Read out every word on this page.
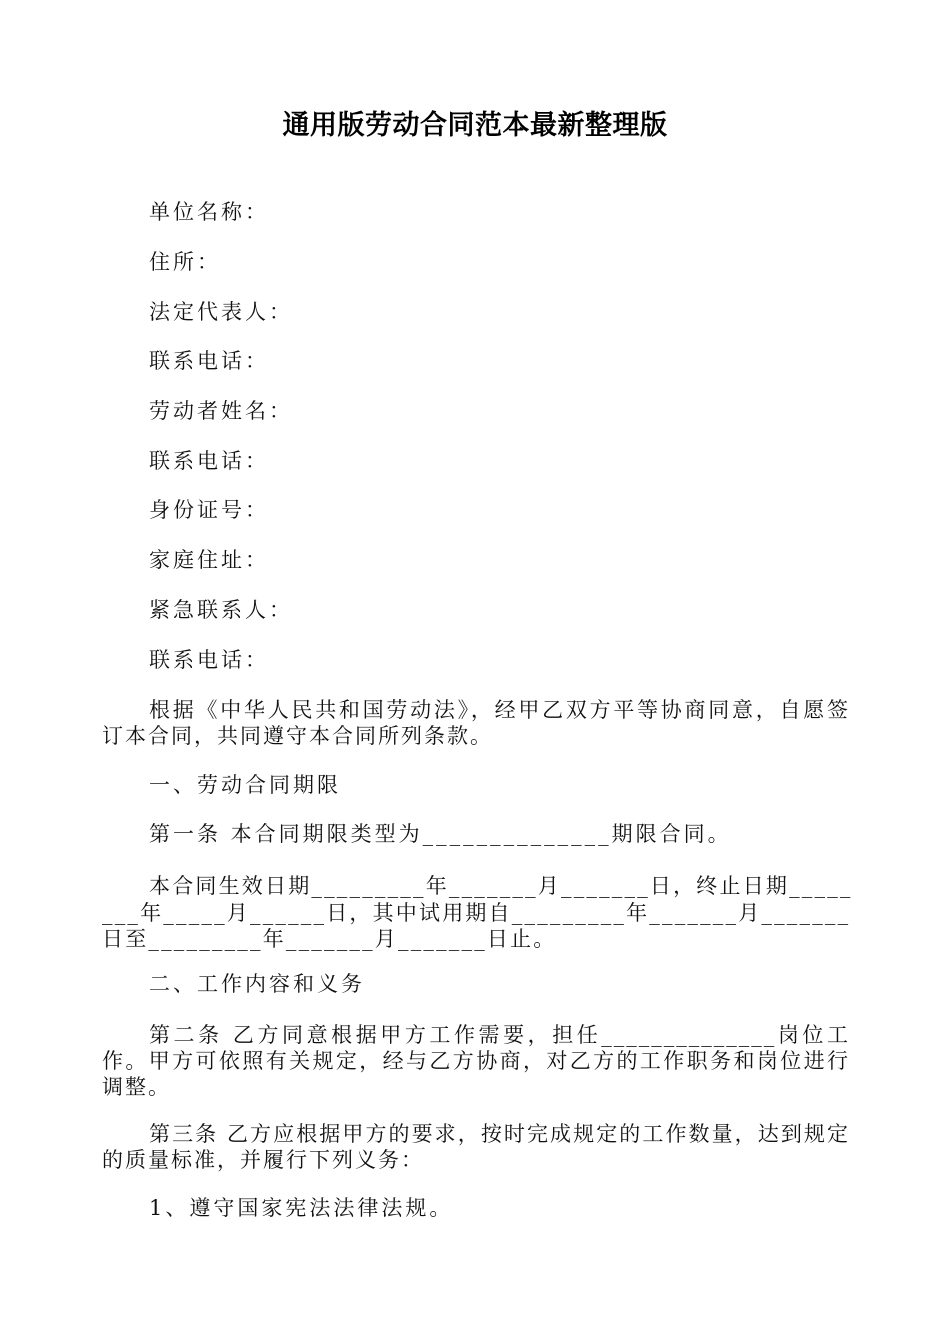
通用版劳动合同范本最新整理版
单位名称：
住所：
法定代表人：
联系电话：
劳动者姓名：
联系电话：
身份证号：
家庭住址：
紧急联系人：
联系电话：
根据《中华人民共和国劳动法》，经甲乙双方平等协商同意，自愿签订本合同，共同遵守本合同所列条款。
一、劳动合同期限
第一条 本合同期限类型为______________期限合同。
本合同生效日期_________年_______月_______日，终止日期_____
___年_____月______日，其中试用期自_________年_______月_______
日至_________年_______月_______日止。
二、工作内容和义务
第二条 乙方同意根据甲方工作需要，担任______________岗位工作。甲方可依照有关规定，经与乙方协商，对乙方的工作职务和岗位进行调整。
第三条 乙方应根据甲方的要求，按时完成规定的工作数量，达到规定的质量标准，并履行下列义务：
1、遵守国家宪法法律法规。
